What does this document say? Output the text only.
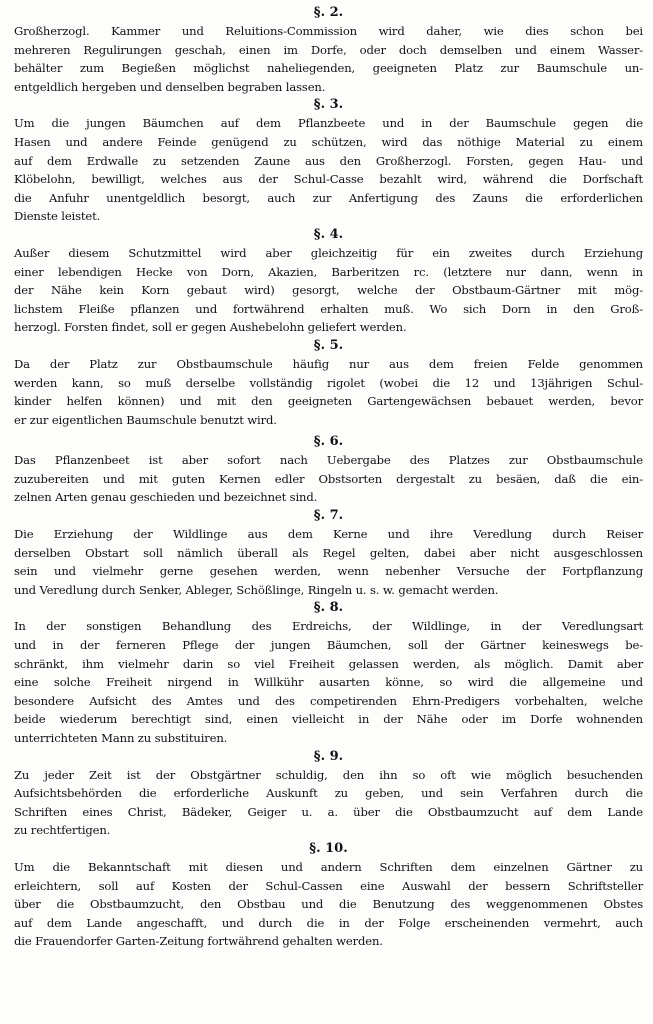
§. 2.
Großherzogl. Kammer und Reluitions-Commission wird daher, wie dies schon bei
mehreren Regulirungen geschah, einen im Dorfe, oder doch demselben und einem Wasser-
behälter zum Begießen möglichst naheliegenden, geeigneten Platz zur Baumschule un-
entgeldlich hergeben und denselben begraben lassen.
§. 3.
Um die jungen Bäumchen auf dem Pflanzbeete und in der Baumschule gegen die
Hasen und andere Feinde genügend zu schützen, wird das nöthige Material zu einem
auf dem Erdwalle zu setzenden Zaune aus den Großherzogl. Forsten, gegen Hau- und
Klöbelohn, bewilligt, welches aus der Schul-Casse bezahlt wird, während die Dorfschaft
die Anfuhr unentgeldlich besorgt, auch zur Anfertigung des Zauns die erforderlichen
Dienste leistet.
§. 4.
Außer diesem Schutzmittel wird aber gleichzeitig für ein zweites durch Erziehung
einer lebendigen Hecke von Dorn, Akazien, Barberitzen rc. (letztere nur dann, wenn in
der Nähe kein Korn gebaut wird) gesorgt, welche der Obstbaum-Gärtner mit mög-
lichstem Fleiße pflanzen und fortwährend erhalten muß. Wo sich Dorn in den Groß-
herzogl. Forsten findet, soll er gegen Aushebelohn geliefert werden.
§. 5.
Da der Platz zur Obstbaumschule häufig nur aus dem freien Felde genommen
werden kann, so muß derselbe vollständig rigolet (wobei die 12 und 13jährigen Schul-
kinder helfen können) und mit den geeigneten Gartengewächsen bebauet werden, bevor
er zur eigentlichen Baumschule benutzt wird.
§. 6.
Das Pflanzenbeet ist aber sofort nach Uebergabe des Platzes zur Obstbaumschule
zuzubereiten und mit guten Kernen edler Obstsorten dergestalt zu besäen, daß die ein-
zelnen Arten genau geschieden und bezeichnet sind.
§. 7.
Die Erziehung der Wildlinge aus dem Kerne und ihre Veredlung durch Reiser
derselben Obstart soll nämlich überall als Regel gelten, dabei aber nicht ausgeschlossen
sein und vielmehr gerne gesehen werden, wenn nebenher Versuche der Fortpflanzung
und Veredlung durch Senker, Ableger, Schößlinge, Ringeln u. s. w. gemacht werden.
§. 8.
In der sonstigen Behandlung des Erdreichs, der Wildlinge, in der Veredlungsart
und in der ferneren Pflege der jungen Bäumchen, soll der Gärtner keineswegs be-
schränkt, ihm vielmehr darin so viel Freiheit gelassen werden, als möglich. Damit aber
eine solche Freiheit nirgend in Willkühr ausarten könne, so wird die allgemeine und
besondere Aufsicht des Amtes und des competirenden Ehrn-Predigers vorbehalten, welche
beide wiederum berechtigt sind, einen vielleicht in der Nähe oder im Dorfe wohnenden
unterrichteten Mann zu substituiren.
§. 9.
Zu jeder Zeit ist der Obstgärtner schuldig, den ihn so oft wie möglich besuchenden
Aufsichtsbehörden die erforderliche Auskunft zu geben, und sein Verfahren durch die
Schriften eines Christ, Bädeker, Geiger u. a. über die Obstbaumzucht auf dem Lande
zu rechtfertigen.
§. 10.
Um die Bekanntschaft mit diesen und andern Schriften dem einzelnen Gärtner zu
erleichtern, soll auf Kosten der Schul-Cassen eine Auswahl der bessern Schriftsteller
über die Obstbaumzucht, den Obstbau und die Benutzung des weggenommenen Obstes
auf dem Lande angeschafft, und durch die in der Folge erscheinenden vermehrt, auch
die Frauendorfer Garten-Zeitung fortwährend gehalten werden.
